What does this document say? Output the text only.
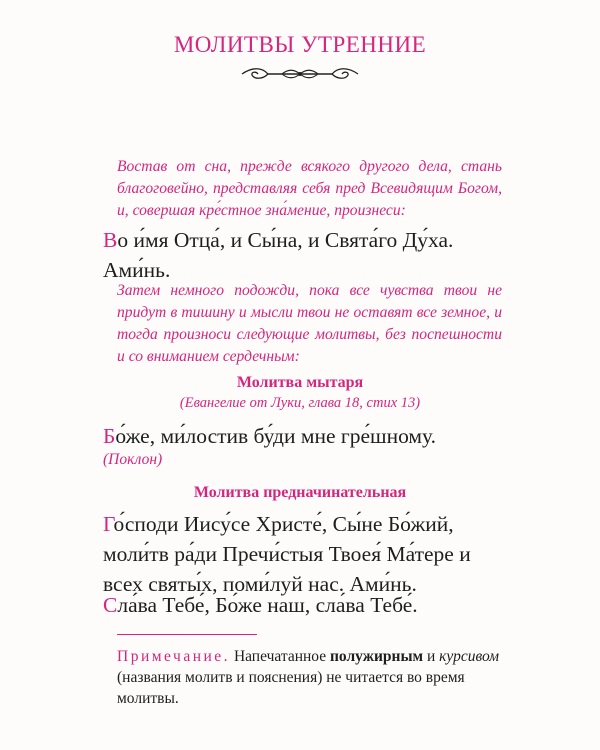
МОЛИТВЫ УТРЕННИЕ
Востав от сна, прежде всякого другого дела, стань благоговейно, представляя себя пред Всевидящим Богом, и, совершая кре́стное зна́мение, произнеси:
Во и́мя Отца́, и Сы́на, и Свята́го Ду́ха. Ами́нь.
Затем немного подожди, пока все чувства твои не придут в тишину и мысли твои не оставят все земное, и тогда произноси следующие молитвы, без поспешности и со вниманием сердечным:
Молитва мытаря
(Евангелие от Луки, глава 18, стих 13)
Бо́же, ми́лостив бу́ди мне гре́шному.
(Поклон)
Молитва предначинательная
Го́споди Иису́се Христе́, Сы́не Бо́жий, моли́тв ра́ди Пречи́стыя Твоея́ Ма́тере и всех святы́х, поми́луй нас. Ами́нь.
Сла́ва Тебе́, Бо́же наш, сла́ва Тебе́.
Примечание. Напечатанное полужирным и курсивом (названия молитв и пояснения) не читается во время молитвы.
